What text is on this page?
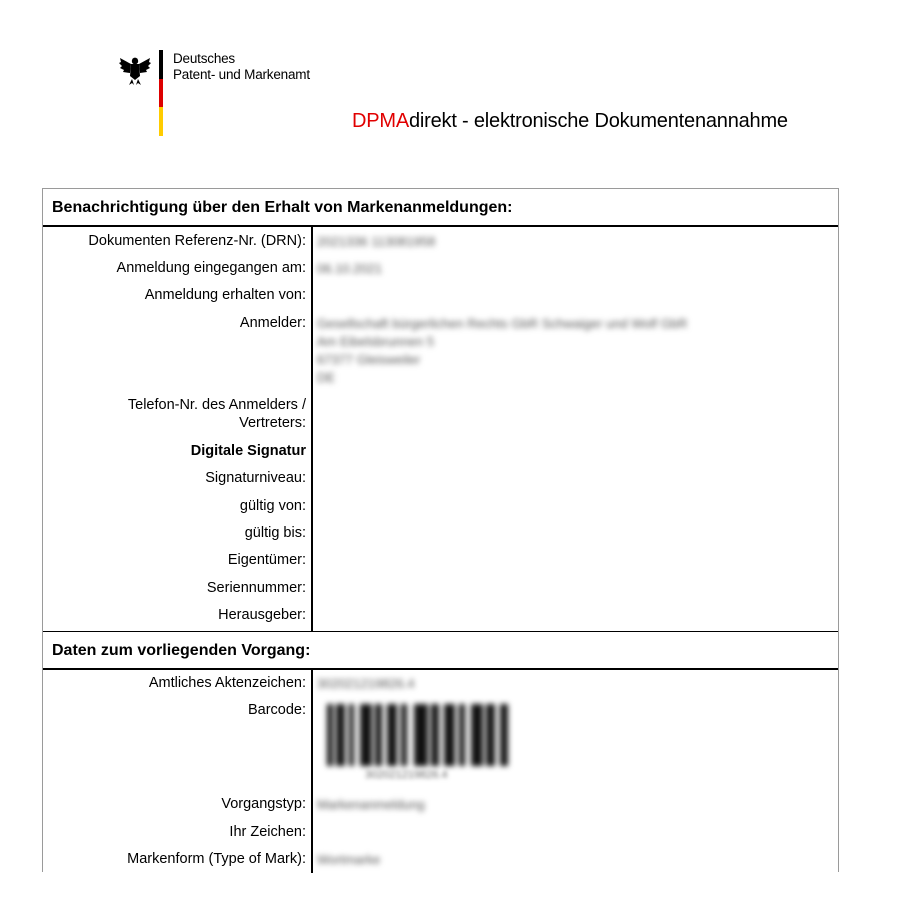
Deutsches
Patent- und Markenamt
DPMAdirekt - elektronische Dokumentenannahme
Benachrichtigung über den Erhalt von Markenanmeldungen:
Dokumenten Referenz-Nr. (DRN): 2021336 113081958
Anmeldung eingegangen am: 06.10.2021
Anmeldung erhalten von:
Anmelder: Gesellschaft bürgerlichen Rechts GbR Schwaiger und Wolf GbR
Am Eibelsbrunnen 5
67377 Gleisweiler
DE
Telefon-Nr. des Anmelders /
Vertreters:
Digitale Signatur
Signaturniveau:
gültig von:
gültig bis:
Eigentümer:
Seriennummer:
Herausgeber:
Daten zum vorliegenden Vorgang:
Amtliches Aktenzeichen: 302021219826.4
Barcode:
302021219826.4
Vorgangstyp: Markenanmeldung
Ihr Zeichen:
Markenform (Type of Mark): Wortmarke
